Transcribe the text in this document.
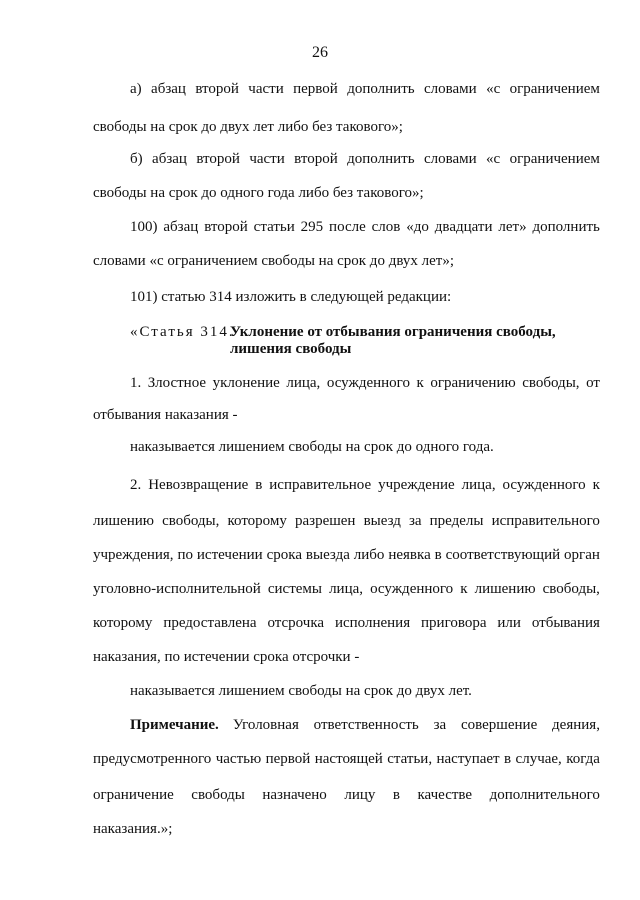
26
а) абзац второй части первой дополнить словами «с ограничением
свободы на срок до двух лет либо без такового»;
б) абзац второй части второй дополнить словами «с ограничением
свободы на срок до одного года либо без такового»;
100) абзац второй статьи 295 после слов «до двадцати лет» дополнить
словами «с ограничением свободы на срок до двух лет»;
101) статью 314 изложить в следующей редакции:
«Статья 314.
Уклонение от отбывания ограничения свободы,
лишения свободы
1. Злостное уклонение лица, осужденного к ограничению свободы, от
отбывания наказания -
наказывается лишением свободы на срок до одного года.
2. Невозвращение в исправительное учреждение лица, осужденного к
лишению свободы, которому разрешен выезд за пределы исправительного
учреждения, по истечении срока выезда либо неявка в соответствующий орган
уголовно-исполнительной системы лица, осужденного к лишению свободы,
которому предоставлена отсрочка исполнения приговора или отбывания
наказания, по истечении срока отсрочки -
наказывается лишением свободы на срок до двух лет.
Примечание. Уголовная ответственность за совершение деяния,
предусмотренного частью первой настоящей статьи, наступает в случае, когда
ограничение свободы назначено лицу в качестве дополнительного
наказания.»;
